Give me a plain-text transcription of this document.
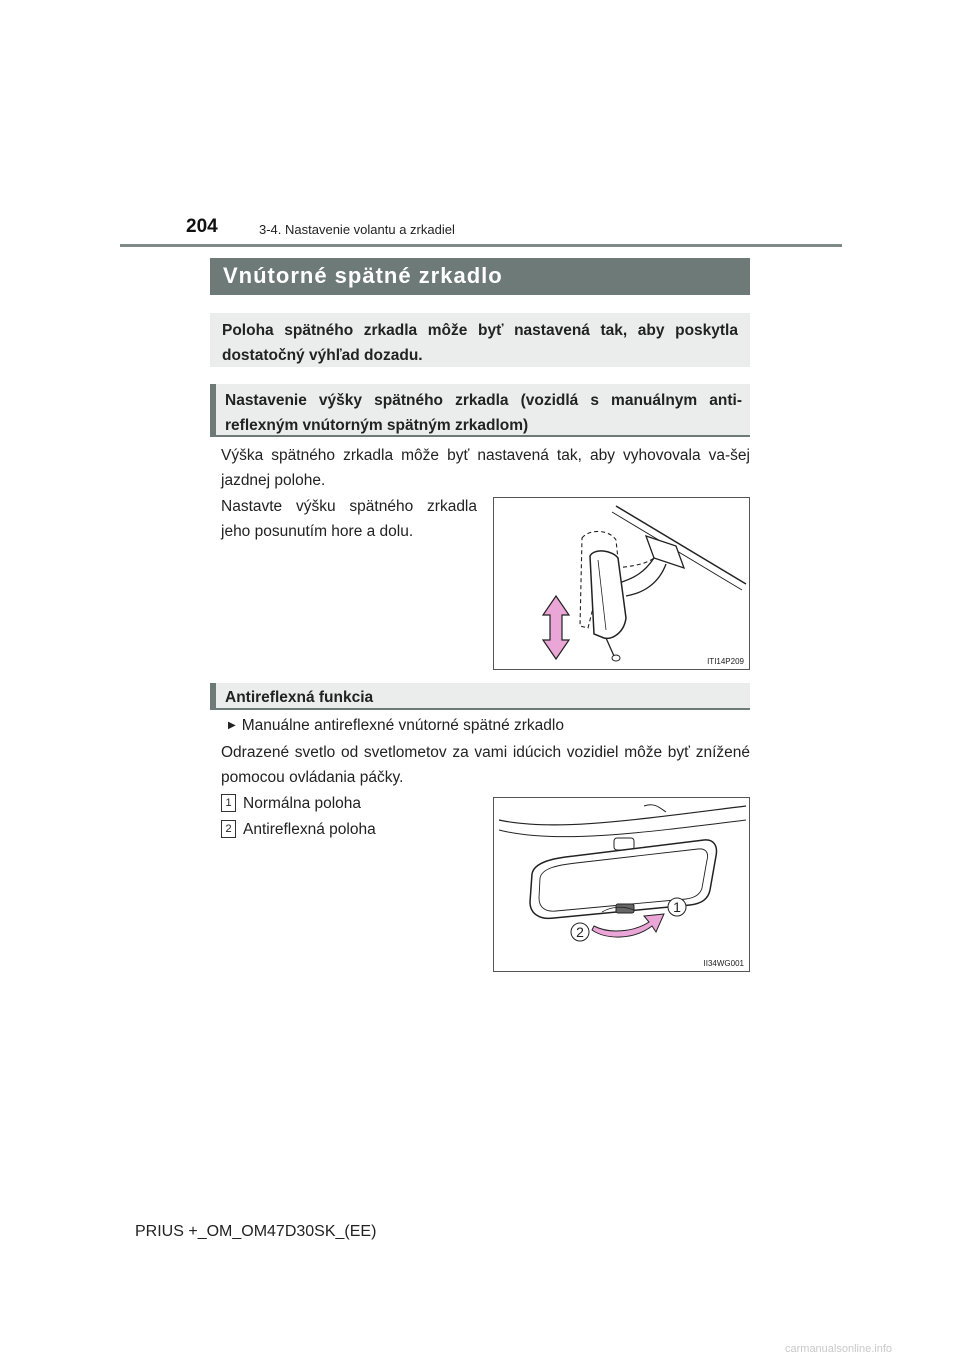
204	3-4. Nastavenie volantu a zrkadiel
Vnútorné spätné zrkadlo
Poloha spätného zrkadla môže byť nastavená tak, aby poskytla dostatočný výhľad dozadu.
Nastavenie výšky spätného zrkadla (vozidlá s manuálnym anti-reflexným vnútorným spätným zrkadlom)
Výška spätného zrkadla môže byť nastavená tak, aby vyhovovala va-šej jazdnej polohe.
Nastavte výšku spätného zrkadla jeho posunutím hore a dolu.
ITI14P209
Antireflexná funkcia
▶ Manuálne antireflexné vnútorné spätné zrkadlo
Odrazené svetlo od svetlometov za vami idúcich vozidiel môže byť znížené pomocou ovládania páčky.
1 Normálna poloha
2 Antireflexná poloha
1
2
II34WG001
PRIUS +_OM_OM47D30SK_(EE)
carmanualsonline.info
